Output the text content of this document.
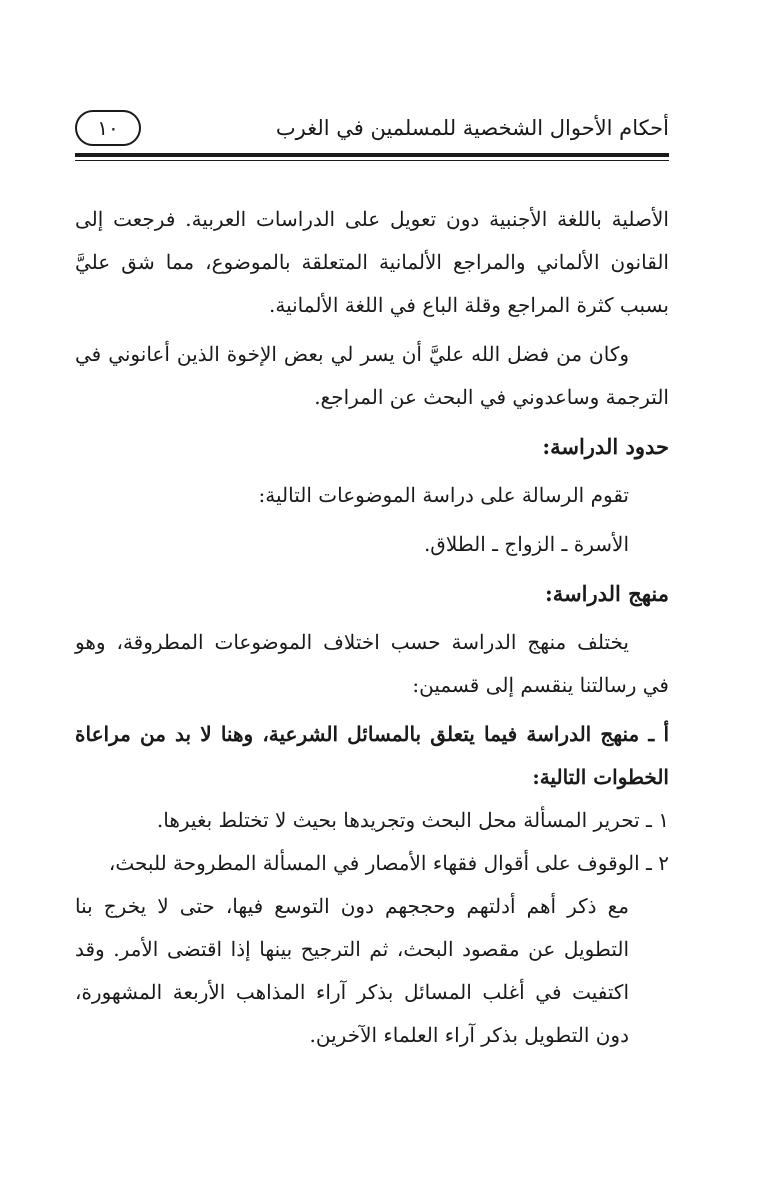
أحكام الأحوال الشخصية للمسلمين في الغرب
١٠

الأصلية باللغة الأجنبية دون تعويل على الدراسات العربية. فرجعت إلى القانون الألماني والمراجع الألمانية المتعلقة بالموضوع، مما شق عليَّ بسبب كثرة المراجع وقلة الباع في اللغة الألمانية.

وكان من فضل الله عليَّ أن يسر لي بعض الإخوة الذين أعانوني في الترجمة وساعدوني في البحث عن المراجع.

حدود الدراسة:

تقوم الرسالة على دراسة الموضوعات التالية:

الأسرة ـ الزواج ـ الطلاق.

منهج الدراسة:

يختلف منهج الدراسة حسب اختلاف الموضوعات المطروقة، وهو في رسالتنا ينقسم إلى قسمين:

أ ـ منهج الدراسة فيما يتعلق بالمسائل الشرعية، وهنا لا بد من مراعاة الخطوات التالية:

١ ـ تحرير المسألة محل البحث وتجريدها بحيث لا تختلط بغيرها.

٢ ـ الوقوف على أقوال فقهاء الأمصار في المسألة المطروحة للبحث،

مع ذكر أهم أدلتهم وحججهم دون التوسع فيها، حتى لا يخرج بنا التطويل عن مقصود البحث، ثم الترجيح بينها إذا اقتضى الأمر. وقد اكتفيت في أغلب المسائل بذكر آراء المذاهب الأربعة المشهورة، دون التطويل بذكر آراء العلماء الآخرين.
